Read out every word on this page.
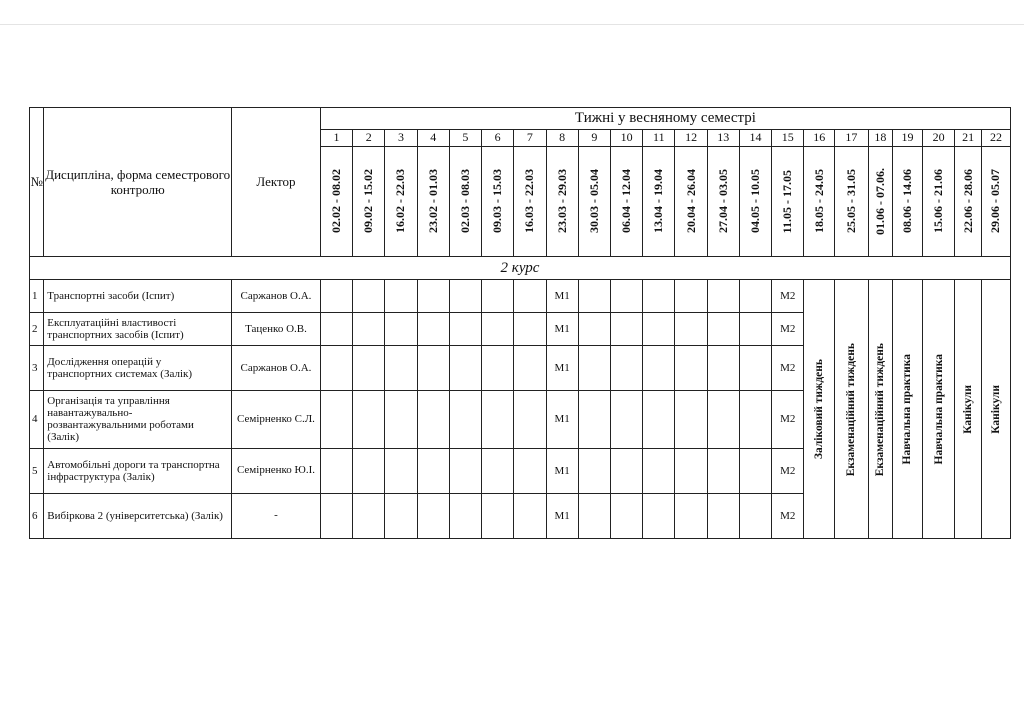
№	Дисципліна, форма семестрового контролю	Лектор	Тижні у весняному семестрі																					
			1	2	3	4	5	6	7	8	9	10	11	12	13	14	15	16	17	18	19	20	21	22

			02.02 - 08.02	09.02 - 15.02	16.02 - 22.03	23.02 - 01.03	02.03 - 08.03	09.03 - 15.03	16.03 - 22.03	23.03 - 29.03	30.03 - 05.04	06.04 - 12.04	13.04 - 19.04	20.04 - 26.04	27.04 - 03.05	04.05 - 10.05	11.05 - 17.05	18.05 - 24.05	25.05 - 31.05	01.06 - 07.06.	08.06 - 14.06	15.06 - 21.06	22.06 - 28.06	29.06 - 05.07

2 курс																								
1	Транспортні засоби (Іспит)	Саржанов О.А.								М1							М2	Заліковий тиждень	Екзаменаційний тиждень	Екзаменаційний тиждень	Навчальна практика	Навчальна практика	Канікули	Канікули

2	Експлуатаційні властивості транспортних засобів (Іспит)	Таценко О.В.								М1							М2							
3	Дослідження операцій у транспортних системах (Залік)	Саржанов О.А.								М1							М2							
4	Організація та управління навантажувально-розвантажувальними роботами (Залік)	Семірненко С.Л.								М1							М2							
5	Автомобільні дороги та транспортна інфраструктура (Залік)	Семірненко Ю.І.								М1							М2							
6	Вибіркова 2 (університетська) (Залік)	-								М1							М2							
